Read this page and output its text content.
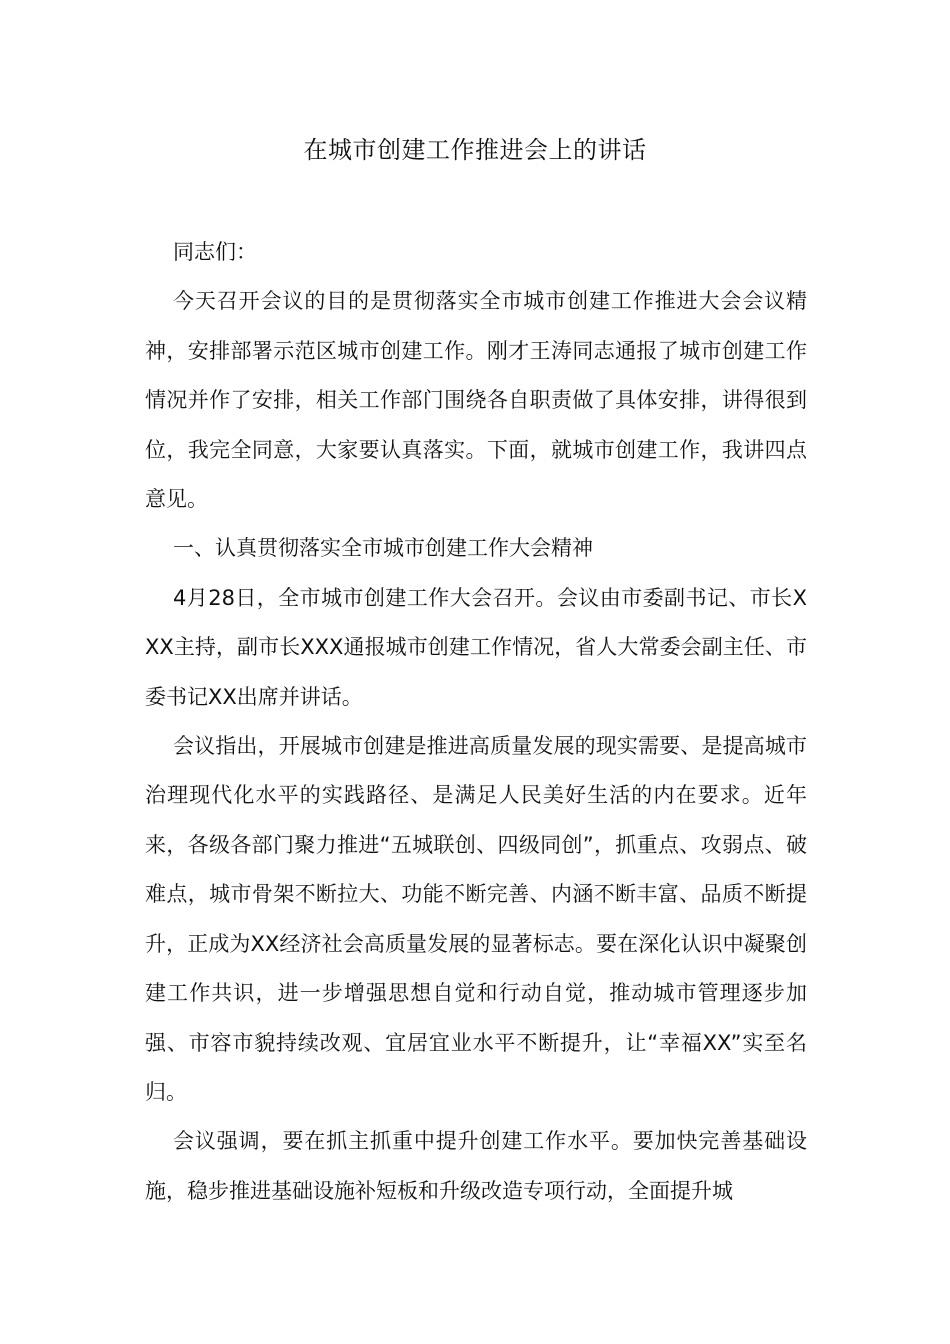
在城市创建工作推进会上的讲话

同志们：

今天召开会议的目的是贯彻落实全市城市创建工作推进大会会议精神，安排部署示范区城市创建工作。刚才王涛同志通报了城市创建工作情况并作了安排，相关工作部门围绕各自职责做了具体安排，讲得很到位，我完全同意，大家要认真落实。下面，就城市创建工作，我讲四点意见。

一、认真贯彻落实全市城市创建工作大会精神

4月28日，全市城市创建工作大会召开。会议由市委副书记、市长XXX主持，副市长XXX通报城市创建工作情况，省人大常委会副主任、市委书记XX出席并讲话。

会议指出，开展城市创建是推进高质量发展的现实需要、是提高城市治理现代化水平的实践路径、是满足人民美好生活的内在要求。近年来，各级各部门聚力推进“五城联创、四级同创”，抓重点、攻弱点、破难点，城市骨架不断拉大、功能不断完善、内涵不断丰富、品质不断提升，正成为XX经济社会高质量发展的显著标志。要在深化认识中凝聚创建工作共识，进一步增强思想自觉和行动自觉，推动城市管理逐步加强、市容市貌持续改观、宜居宜业水平不断提升，让“幸福XX”实至名归。

会议强调，要在抓主抓重中提升创建工作水平。要加快完善基础设施，稳步推进基础设施补短板和升级改造专项行动，全面提升城
